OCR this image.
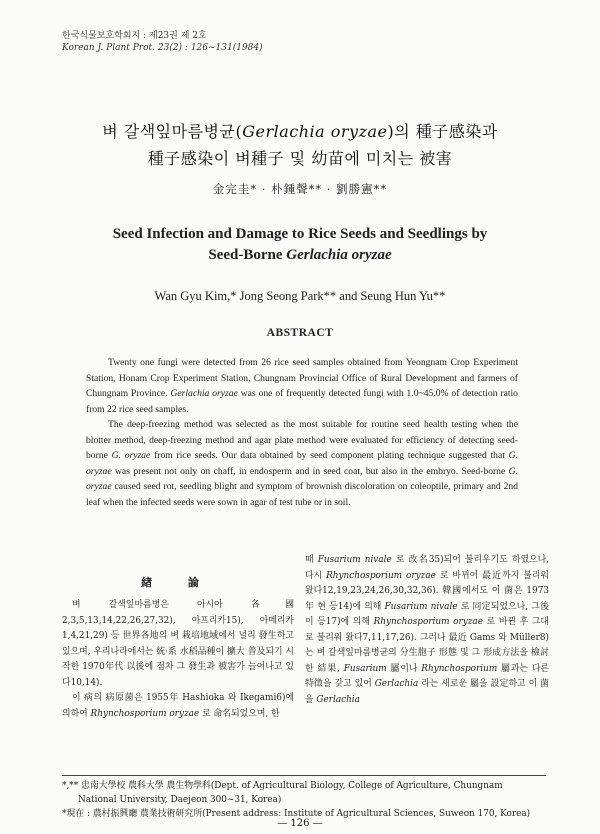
한국식물보호학회지 : 제23권 제 2호
Korean J. Plant Prot. 23(2) : 126~131(1984)
벼 갈색잎마름병균(Gerlachia oryzae)의 種子感染과
種子感染이 벼種子 및 幼苗에 미치는 被害
金完圭* · 朴鍾聲** · 劉勝憲**
Seed Infection and Damage to Rice Seeds and Seedlings by
Seed-Borne Gerlachia oryzae
Wan Gyu Kim,* Jong Seong Park** and Seung Hun Yu**
ABSTRACT

Twenty one fungi were detected from 26 rice seed samples obtained from Yeongnam Crop Experiment Station, Honam Crop Experiment Station, Chungnam Provincial Office of Rural Development and farmers of Chungnam Province. Gerlachia oryzae was one of frequently detected fungi with 1.0~45.0% of detection ratio from 22 rice seed samples.

The deep-freezing method was selected as the most suitable for routine seed health testing when the blotter method, deep-freezing method and agar plate method were evaluated for efficiency of detecting seed-borne G. oryzae from rice seeds. Our data obtained by seed component plating technique suggested that G. oryzae was present not only on chaff, in endosperm and in seed coat, but also in the embryo. Seed-borne G. oryzae caused seed rot, seedling blight and symptom of brownish discoloration on coleoptile, primary and 2nd leaf when the infected seeds were sown in agar of test tube or in soil.

緖 論

벼 갈색잎마름병은 아시아 各國2,3,5,13,14,22,26,27,32), 아프리카15), 아메리카1,4,21,29) 등 世界各地의 벼 栽培地域에서 널리 發生하고 있으며, 우리나라에서는 統·系 水稻品種이 擴大 普及되기 시작한 1970年代 以後에 점차 그 發生과 被害가 늘어나고 있다10,14).

이 病의 病原菌은 1955年 Hashioka 와 Ikegami6)에 의하여 Rhynchosporium oryzae 로 命名되었으며, 한

때 Fusarium nivale 로 改名35)되어 불리우기도 하였으나, 다시 Rhynchosporium oryzae 로 바뀌어 最近까지 불리워 왔다12,19,23,24,26,30,32,36). 韓國에서도 이 菌은 1973年 현 등14)에 의해 Fusarium nivale 로 同定되었으나, 그後 이 등17)에 의해 Rhynchosporium oryzae 로 바뀐 후 그대로 불리워 왔다7,11,17,26). 그러나 最近 Gams 와 Müller8)는 벼 갈색잎마름병균의 分生胞子 形態 및 그 形成方法을 檢討한 結果, Fusarium 屬이나 Rhynchosporium 屬과는 다른 特徵을 갖고 있어 Gerlachia 라는 새로운 屬을 設定하고 이 菌을 Gerlachia

*,** 忠南大學校 農科大學 農生物學科(Dept. of Agricultural Biology, College of Agriculture, Chungnam
National University, Daejeon 300~31, Korea)
*現在 : 農村振興廳 農業技術研究所(Present address: Institute of Agricultural Sciences, Suweon 170, Korea)
— 126 —
